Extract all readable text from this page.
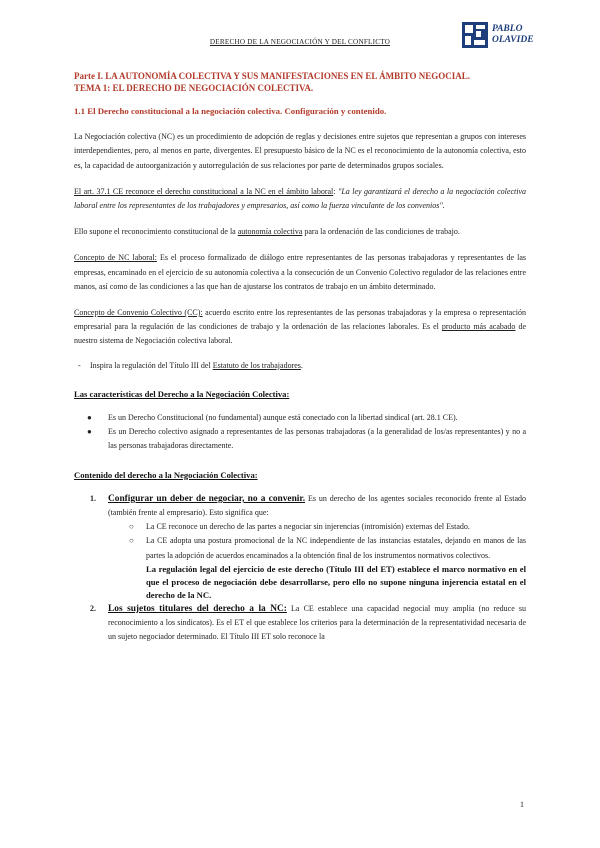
DERECHO DE LA NEGOCIACIÓN Y DEL CONFLICTO
PABLO
OLAVIDE
Parte I. LA AUTONOMÍA COLECTIVA Y SUS MANIFESTACIONES EN EL ÁMBITO NEGOCIAL.
TEMA 1: EL DERECHO DE NEGOCIACIÓN COLECTIVA.
1.1 El Derecho constitucional a la negociación colectiva. Configuración y contenido.
La Negociación colectiva (NC) es un procedimiento de adopción de reglas y decisiones entre sujetos que representan a grupos con intereses interdependientes, pero, al menos en parte, divergentes. El presupuesto básico de la NC es el reconocimiento de la autonomía colectiva, esto es, la capacidad de autoorganización y autorregulación de sus relaciones por parte de determinados grupos sociales.
El art. 37.1 CE reconoce el derecho constitucional a la NC en el ámbito laboral: "La ley garantizará el derecho a la negociación colectiva laboral entre los representantes de los trabajadores y empresarios, así como la fuerza vinculante de los convenios".
Ello supone el reconocimiento constitucional de la autonomía colectiva para la ordenación de las condiciones de trabajo.
Concepto de NC laboral: Es el proceso formalizado de diálogo entre representantes de las personas trabajadoras y representantes de las empresas, encaminado en el ejercicio de su autonomía colectiva a la consecución de un Convenio Colectivo regulador de las relaciones entre manos, así como de las condiciones a las que han de ajustarse los contratos de trabajo en un ámbito determinado.
Concepto de Convenio Colectivo (CC): acuerdo escrito entre los representantes de las personas trabajadoras y la empresa o representación empresarial para la regulación de las condiciones de trabajo y la ordenación de las relaciones laborales. Es el producto más acabado de nuestro sistema de Negociación colectiva laboral.
- Inspira la regulación del Título III del Estatuto de los trabajadores.
Las características del Derecho a la Negociación Colectiva:
● Es un Derecho Constitucional (no fundamental) aunque está conectado con la libertad sindical (art. 28.1 CE).
● Es un Derecho colectivo asignado a representantes de las personas trabajadoras (a la generalidad de los/as representantes) y no a las personas trabajadoras directamente.
Contenido del derecho a la Negociación Colectiva:
1. Configurar un deber de negociar, no a convenir. Es un derecho de los agentes sociales reconocido frente al Estado (también frente al empresario). Esto significa que:
○ La CE reconoce un derecho de las partes a negociar sin injerencias (intromisión) externas del Estado.
○ La CE adopta una postura promocional de la NC independiente de las instancias estatales, dejando en manos de las partes la adopción de acuerdos encaminados a la obtención final de los instrumentos normativos colectivos.
La regulación legal del ejercicio de este derecho (Título III del ET) establece el marco normativo en el que el proceso de negociación debe desarrollarse, pero ello no supone ninguna injerencia estatal en el derecho de la NC.
2. Los sujetos titulares del derecho a la NC: La CE establece una capacidad negocial muy amplia (no reduce su reconocimiento a los sindicatos). Es el ET el que establece los criterios para la determinación de la representatividad necesaria de un sujeto negociador determinado. El Título III ET solo reconoce la
1
